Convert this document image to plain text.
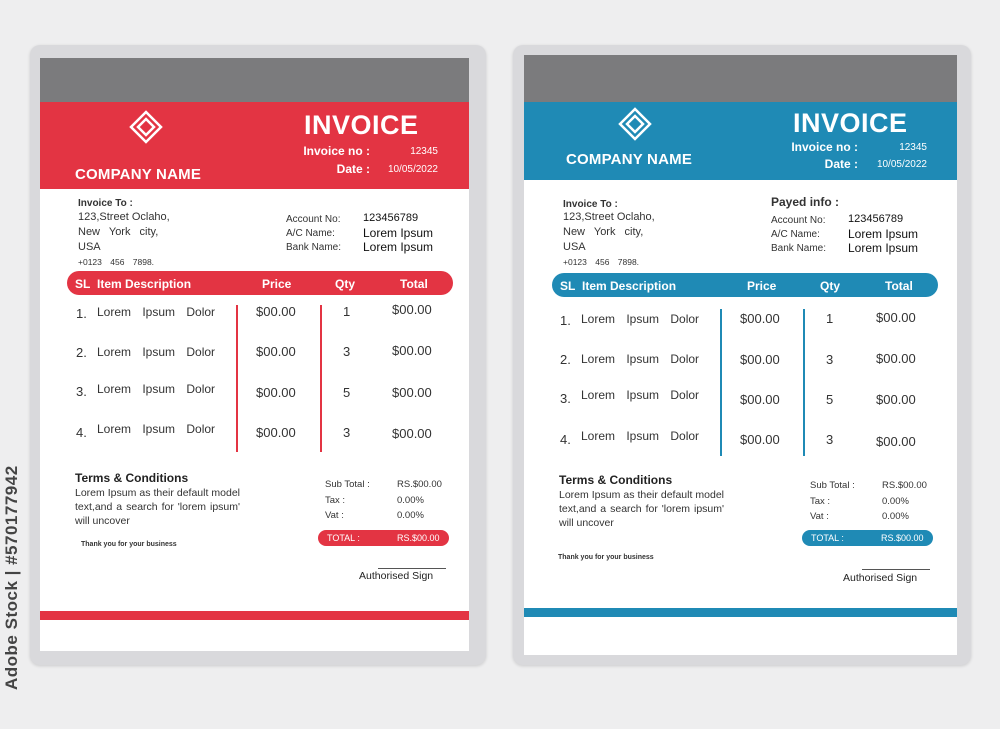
Adobe Stock | #570177942
COMPANY NAME
INVOICE
Invoice no :	12345
Date :	10/05/2022
Invoice To :
123,Street Oclaho,
New York city,
USA
+0123 456 7898.
Account No: 123456789
A/C Name: Lorem Ipsum
Bank Name: Lorem Ipsum
SL Item Description	Price	Qty	Total
1. Lorem Ipsum Dolor	$00.00	1	$00.00
2. Lorem Ipsum Dolor	$00.00	3	$00.00
3. Lorem Ipsum Dolor	$00.00	5	$00.00
4. Lorem Ipsum Dolor	$00.00	3	$00.00
Terms & Conditions
Lorem Ipsum as their default model text,and a search for 'lorem ipsum' will uncover
Thank you for your business
Sub Total :	RS.$00.00
Tax :	0.00%
Vat :	0.00%
TOTAL :	RS.$00.00
Authorised Sign
COMPANY NAME
INVOICE
Invoice no :	12345
Date :	10/05/2022
Invoice To :
123,Street Oclaho,
New York city,
USA
+0123 456 7898.
Payed info :
Account No: 123456789
A/C Name: Lorem Ipsum
Bank Name: Lorem Ipsum
SL Item Description	Price	Qty	Total
1. Lorem Ipsum Dolor	$00.00	1	$00.00
2. Lorem Ipsum Dolor	$00.00	3	$00.00
3. Lorem Ipsum Dolor	$00.00	5	$00.00
4. Lorem Ipsum Dolor	$00.00	3	$00.00
Terms & Conditions
Lorem Ipsum as their default model text,and a search for 'lorem ipsum' will uncover
Thank you for your business
Sub Total :	RS.$00.00
Tax :	0.00%
Vat :	0.00%
TOTAL :	RS.$00.00
Authorised Sign
